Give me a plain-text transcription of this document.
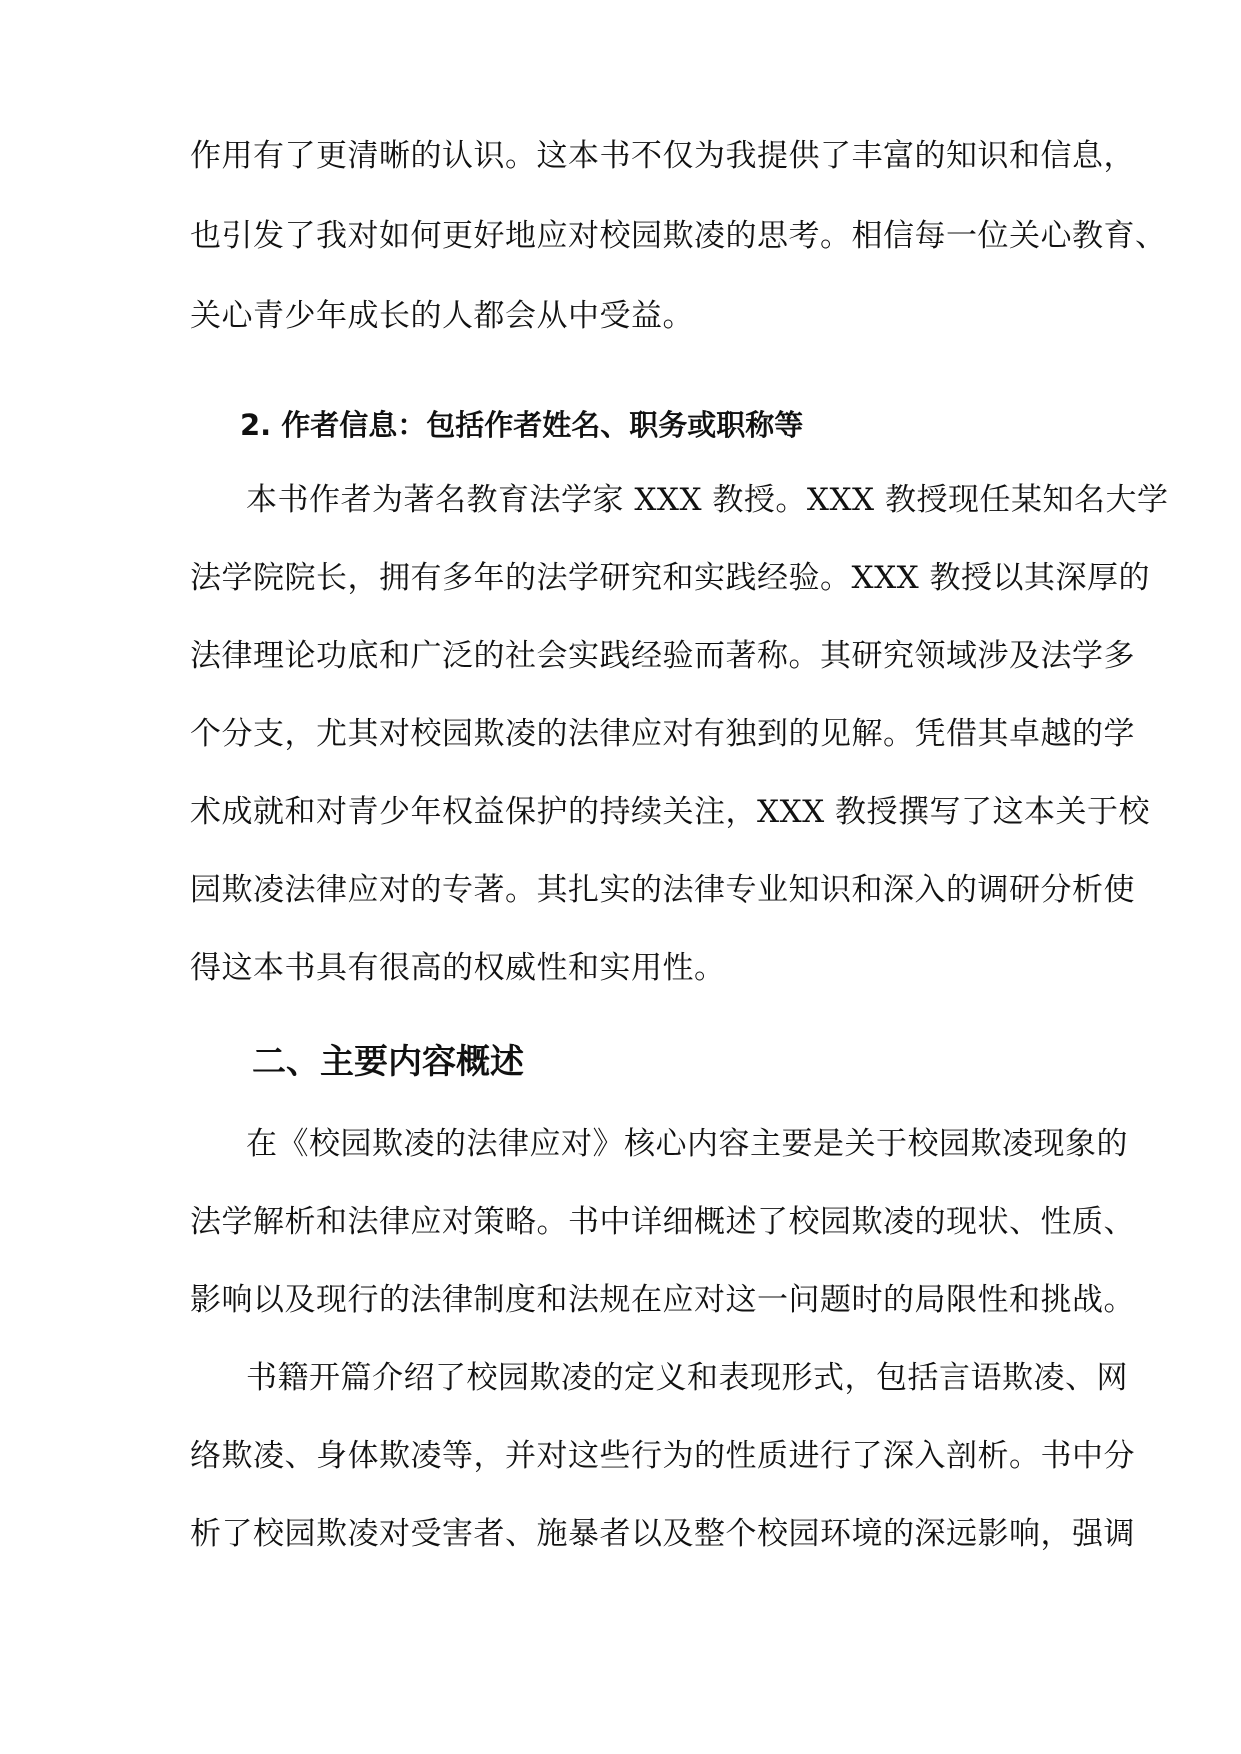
作用有了更清晰的认识。这本书不仅为我提供了丰富的知识和信息，
也引发了我对如何更好地应对校园欺凌的思考。相信每一位关心教育、
关心青少年成长的人都会从中受益。
2. 作者信息：包括作者姓名、职务或职称等
本书作者为著名教育法学家 XXX 教授。XXX 教授现任某知名大学
法学院院长，拥有多年的法学研究和实践经验。XXX 教授以其深厚的
法律理论功底和广泛的社会实践经验而著称。其研究领域涉及法学多
个分支，尤其对校园欺凌的法律应对有独到的见解。凭借其卓越的学
术成就和对青少年权益保护的持续关注，XXX 教授撰写了这本关于校
园欺凌法律应对的专著。其扎实的法律专业知识和深入的调研分析使
得这本书具有很高的权威性和实用性。
二、主要内容概述
在《校园欺凌的法律应对》核心内容主要是关于校园欺凌现象的
法学解析和法律应对策略。书中详细概述了校园欺凌的现状、性质、
影响以及现行的法律制度和法规在应对这一问题时的局限性和挑战。
书籍开篇介绍了校园欺凌的定义和表现形式，包括言语欺凌、网
络欺凌、身体欺凌等，并对这些行为的性质进行了深入剖析。书中分
析了校园欺凌对受害者、施暴者以及整个校园环境的深远影响，强调
